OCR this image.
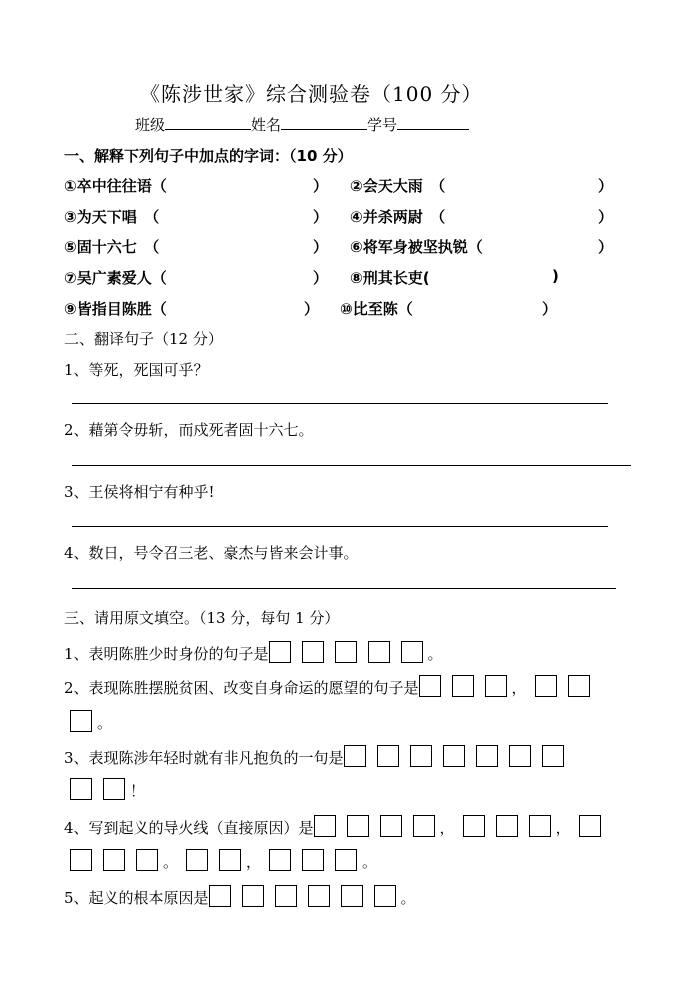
《陈涉世家》综合测验卷（100 分）
班级	姓名	学号
一、解释下列句子中加点的字词：（10 分）
①卒中往往语（	） ②会天大雨　（	）
③为天下唱　（	） ④并杀两尉　（	）
⑤固十六七　（	） ⑥将军身被坚执锐（	）
⑦吴广素爱人（	） ⑧刑其长吏(	)
⑨皆指目陈胜（	） ⑩比至陈（	）
二、翻译句子（12 分）
1、等死，死国可乎？
2、藉第令毋斩，而戍死者固十六七。
3、王侯将相宁有种乎!
4、数日，号令召三老、豪杰与皆来会计事。
三、请用原文填空。（13 分，每句 1 分）
1、表明陈胜少时身份的句子是	。
2、表现陈胜摆脱贫困、改变自身命运的愿望的句子是	，
。
3、表现陈涉年轻时就有非凡抱负的一句是
！
4、写到起义的导火线（直接原因）是	，	，
。	，	。
5、起义的根本原因是	。
